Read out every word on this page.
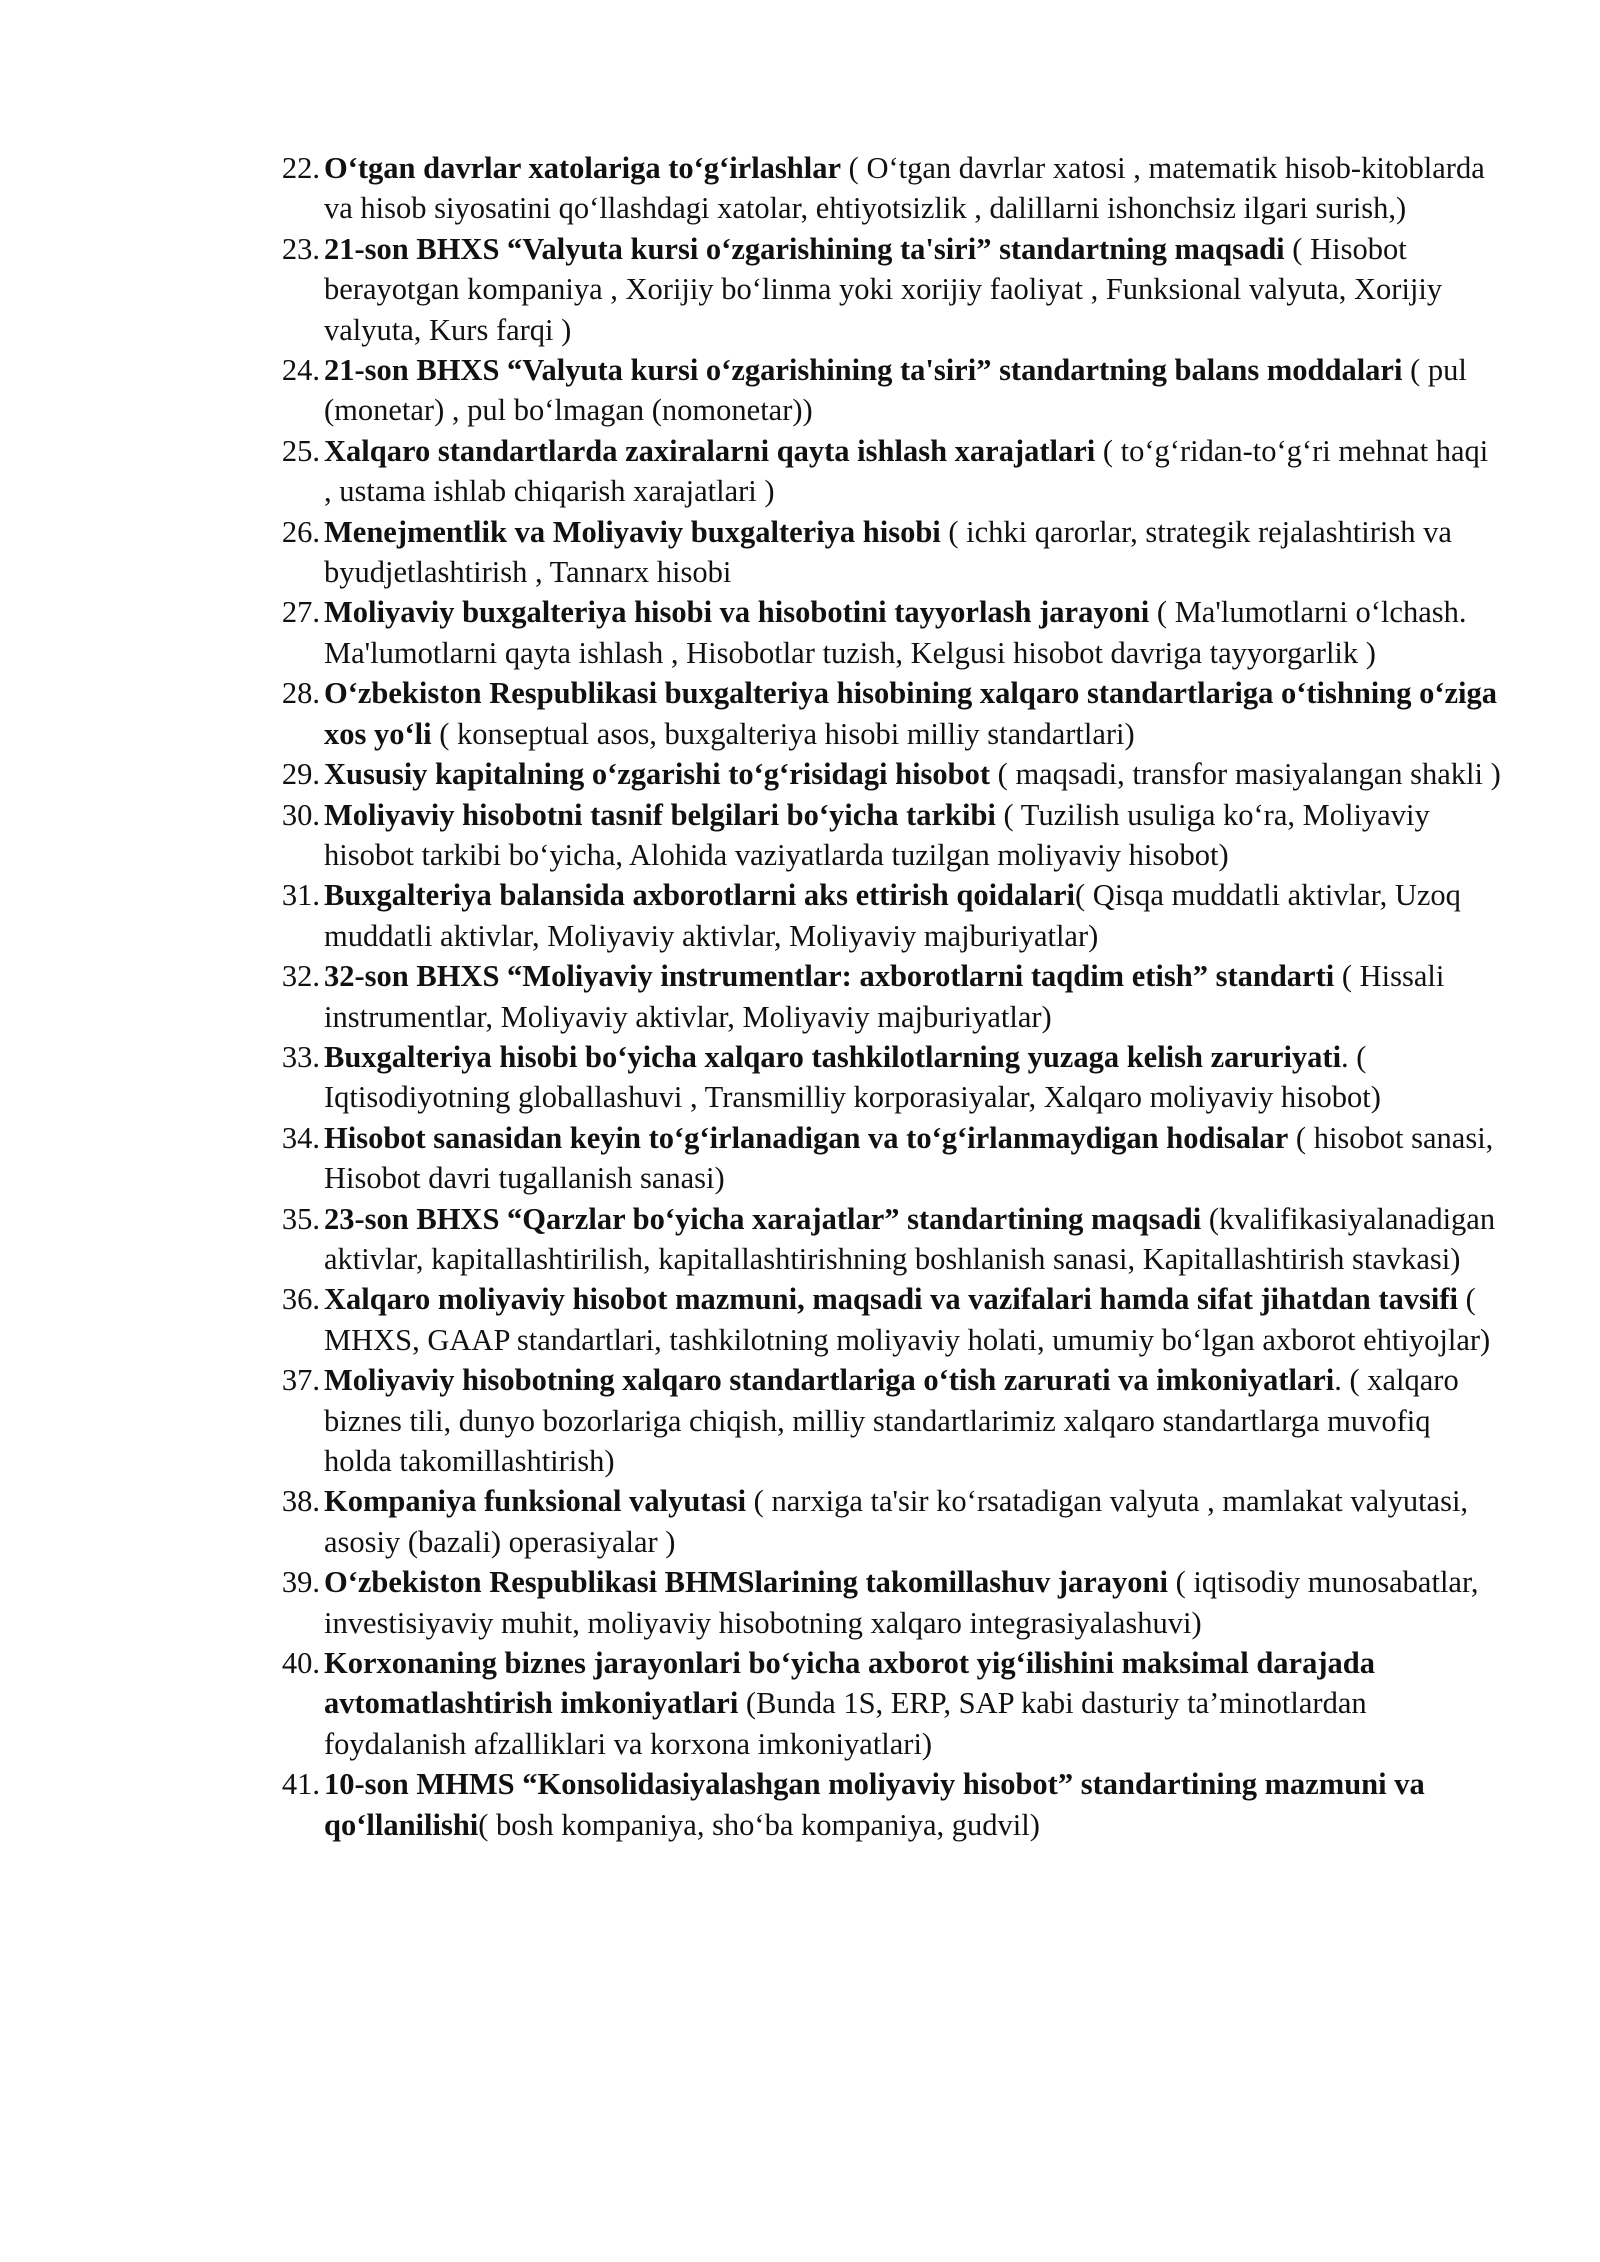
22. O‘tgan davrlar xatolariga to‘g‘irlashlar ( O‘tgan davrlar xatosi , matematik hisob-kitoblarda va hisob siyosatini qo‘llashdagi xatolar, ehtiyotsizlik , dalillarni ishonchsiz ilgari surish,)
23. 21-son BHXS “Valyuta kursi o‘zgarishining ta'siri” standartning maqsadi ( Hisobot berayotgan kompaniya , Xorijiy bo‘linma yoki xorijiy faoliyat , Funksional valyuta, Xorijiy valyuta, Kurs farqi )
24. 21-son BHXS “Valyuta kursi o‘zgarishining ta'siri” standartning balans moddalari ( pul (monetar) , pul bo‘lmagan (nomonetar))
25. Xalqaro standartlarda zaxiralarni qayta ishlash xarajatlari ( to‘g‘ridan-to‘g‘ri mehnat haqi , ustama ishlab chiqarish xarajatlari )
26. Menejmentlik va Moliyaviy buxgalteriya hisobi ( ichki qarorlar, strategik rejalashtirish va byudjetlashtirish , Tannarx hisobi
27. Moliyaviy buxgalteriya hisobi va hisobotini tayyorlash jarayoni ( Ma'lumotlarni o‘lchash. Ma'lumotlarni qayta ishlash , Hisobotlar tuzish, Kelgusi hisobot davriga tayyorgarlik )
28. O‘zbekiston Respublikasi buxgalteriya hisobining xalqaro standartlariga o‘tishning o‘ziga xos yo‘li ( konseptual asos, buxgalteriya hisobi milliy standartlari)
29. Xususiy kapitalning o‘zgarishi to‘g‘risidagi hisobot ( maqsadi, transfor masiyalangan shakli )
30. Moliyaviy hisobotni tasnif belgilari bo‘yicha tarkibi ( Tuzilish usuliga ko‘ra, Moliyaviy hisobot tarkibi bo‘yicha, Alohida vaziyatlarda tuzilgan moliyaviy hisobot)
31. Buxgalteriya balansida axborotlarni aks ettirish qoidalari( Qisqa muddatli aktivlar, Uzoq muddatli aktivlar, Moliyaviy aktivlar, Moliyaviy majburiyatlar)
32. 32-son BHXS “Moliyaviy instrumentlar: axborotlarni taqdim etish” standarti ( Hissali instrumentlar, Moliyaviy aktivlar, Moliyaviy majburiyatlar)
33. Buxgalteriya hisobi bo‘yicha xalqaro tashkilotlarning yuzaga kelish zaruriyati. ( Iqtisodiyotning globallashuvi , Transmilliy korporasiyalar, Xalqaro moliyaviy hisobot)
34. Hisobot sanasidan keyin to‘g‘irlanadigan va to‘g‘irlanmaydigan hodisalar ( hisobot sanasi, Hisobot davri tugallanish sanasi)
35. 23-son BHXS “Qarzlar bo‘yicha xarajatlar” standartining maqsadi (kvalifikasiyalanadigan aktivlar, kapitallashtirilish, kapitallashtirishning boshlanish sanasi, Kapitallashtirish stavkasi)
36. Xalqaro moliyaviy hisobot mazmuni, maqsadi va vazifalari hamda sifat jihatdan tavsifi ( MHXS, GAAP standartlari, tashkilotning moliyaviy holati, umumiy bo‘lgan axborot ehtiyojlar)
37. Moliyaviy hisobotning xalqaro standartlariga o‘tish zarurati va imkoniyatlari. ( xalqaro biznes tili, dunyo bozorlariga chiqish, milliy standartlarimiz xalqaro standartlarga muvofiq holda takomillashtirish)
38. Kompaniya funksional valyutasi ( narxiga ta'sir ko‘rsatadigan valyuta , mamlakat valyutasi, asosiy (bazali) operasiyalar )
39. O‘zbekiston Respublikasi BHMSlarining takomillashuv jarayoni ( iqtisodiy munosabatlar, investisiyaviy muhit, moliyaviy hisobotning xalqaro integrasiyalashuvi)
40. Korxonaning biznes jarayonlari bo‘yicha axborot yig‘ilishini maksimal darajada avtomatlashtirish imkoniyatlari (Bunda 1S, ERP, SAP kabi dasturiy ta’minotlardan foydalanish afzalliklari va korxona imkoniyatlari)
41. 10-son MHMS “Konsolidasiyalashgan moliyaviy hisobot” standartining mazmuni va qo‘llanilishi( bosh kompaniya, sho‘ba kompaniya, gudvil)
